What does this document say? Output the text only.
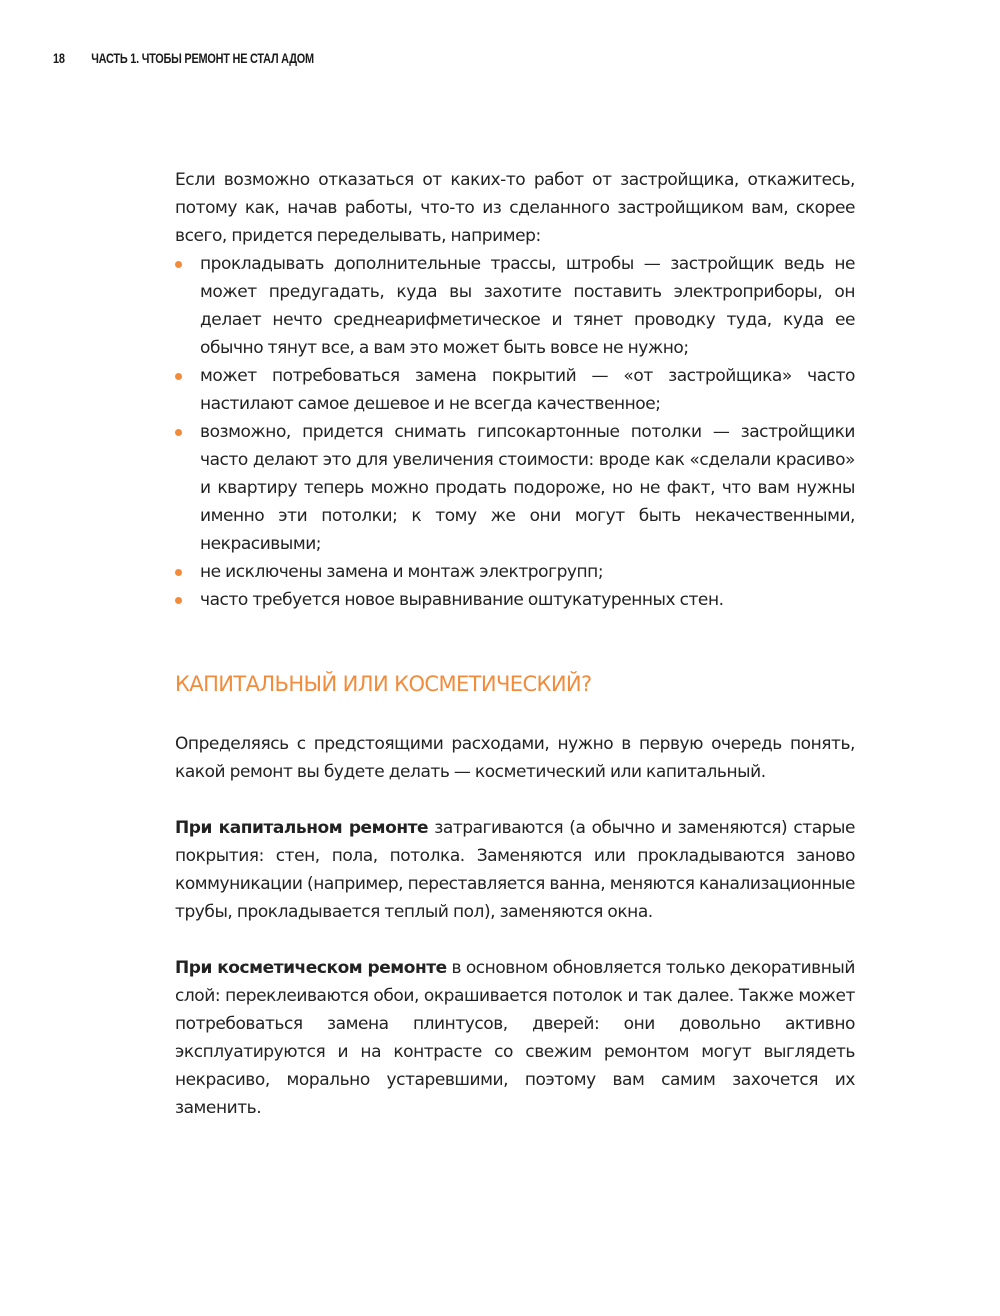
18 ЧАСТЬ 1. ЧТОБЫ РЕМОНТ НЕ СТАЛ АДОМ

Если возможно отказаться от каких-то работ от застройщика, откажитесь, потому как, начав работы, что-то из сделанного застройщиком вам, скорее всего, придется переделывать, например:

прокладывать дополнительные трассы, штробы — застройщик ведь не может предугадать, куда вы захотите поставить электроприборы, он делает нечто среднеарифметическое и тянет проводку туда, куда ее обычно тянут все, а вам это может быть вовсе не нужно;
может потребоваться замена покрытий — «от застройщика» часто настилают самое дешевое и не всегда качественное;
возможно, придется снимать гипсокартонные потолки — застройщики часто делают это для увеличения стоимости: вроде как «сделали красиво» и квартиру теперь можно продать подороже, но не факт, что вам нужны именно эти потолки; к тому же они могут быть некачественными, некрасивыми;
не исключены замена и монтаж электрогрупп;
часто требуется новое выравнивание оштукатуренных стен.
КАПИТАЛЬНЫЙ ИЛИ КОСМЕТИЧЕСКИЙ?

Определяясь с предстоящими расходами, нужно в первую очередь понять, какой ремонт вы будете делать — косметический или капитальный.

При капитальном ремонте затрагиваются (а обычно и заменяются) старые покрытия: стен, пола, потолка. Заменяются или прокладываются заново коммуникации (например, переставляется ванна, меняются канализационные трубы, прокладывается теплый пол), заменяются окна.

При косметическом ремонте в основном обновляется только декоративный слой: переклеиваются обои, окрашивается потолок и так далее. Также может потребоваться замена плинтусов, дверей: они довольно активно эксплуатируются и на контрасте со свежим ремонтом могут выглядеть некрасиво, морально устаревшими, поэтому вам самим захочется их заменить.
